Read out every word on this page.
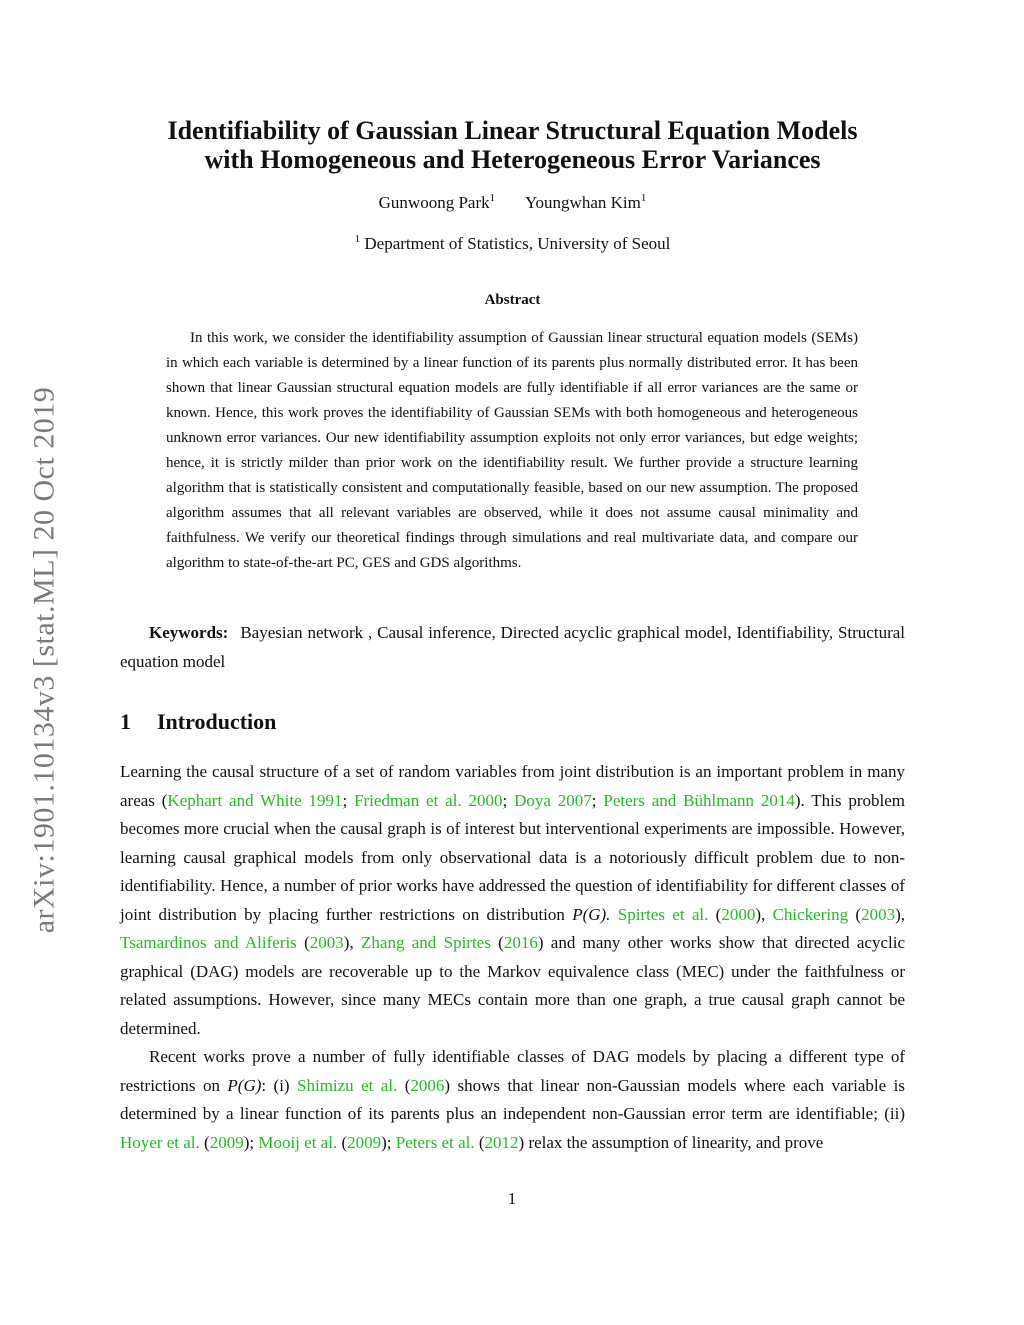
arXiv:1901.10134v3 [stat.ML] 20 Oct 2019
Identifiability of Gaussian Linear Structural Equation Models
with Homogeneous and Heterogeneous Error Variances
Gunwoong Park$^1$ Youngwhan Kim$^1$
$^1$ Department of Statistics, University of Seoul
Abstract

In this work, we consider the identifiability assumption of Gaussian linear structural equation models (SEMs) in which each variable is determined by a linear function of its parents plus normally distributed error. It has been shown that linear Gaussian structural equation models are fully identifiable if all error variances are the same or known. Hence, this work proves the identifiability of Gaussian SEMs with both homogeneous and heterogeneous unknown error variances. Our new identifiability assumption exploits not only error variances, but edge weights; hence, it is strictly milder than prior work on the identifiability result. We further provide a structure learning algorithm that is statistically consistent and computationally feasible, based on our new assumption. The proposed algorithm assumes that all relevant variables are observed, while it does not assume causal minimality and faithfulness. We verify our theoretical findings through simulations and real multivariate data, and compare our algorithm to state-of-the-art PC, GES and GDS algorithms.

Keywords: Bayesian network , Causal inference, Directed acyclic graphical model, Identifiability, Structural equation model

1 Introduction

Learning the causal structure of a set of random variables from joint distribution is an important problem in many areas (Kephart and White 1991; Friedman et al. 2000; Doya 2007; Peters and Bühlmann 2014). This problem becomes more crucial when the causal graph is of interest but interventional experiments are impossible. However, learning causal graphical models from only observational data is a notoriously difficult problem due to non-identifiability. Hence, a number of prior works have addressed the question of identifiability for different classes of joint distribution by placing further restrictions on distribution P(G). Spirtes et al. (2000), Chickering (2003), Tsamardinos and Aliferis (2003), Zhang and Spirtes (2016) and many other works show that directed acyclic graphical (DAG) models are recoverable up to the Markov equivalence class (MEC) under the faithfulness or related assumptions. However, since many MECs contain more than one graph, a true causal graph cannot be determined.

Recent works prove a number of fully identifiable classes of DAG models by placing a different type of restrictions on P(G): (i) Shimizu et al. (2006) shows that linear non-Gaussian models where each variable is determined by a linear function of its parents plus an independent non-Gaussian error term are identifiable; (ii) Hoyer et al. (2009); Mooij et al. (2009); Peters et al. (2012) relax the assumption of linearity, and prove

1
